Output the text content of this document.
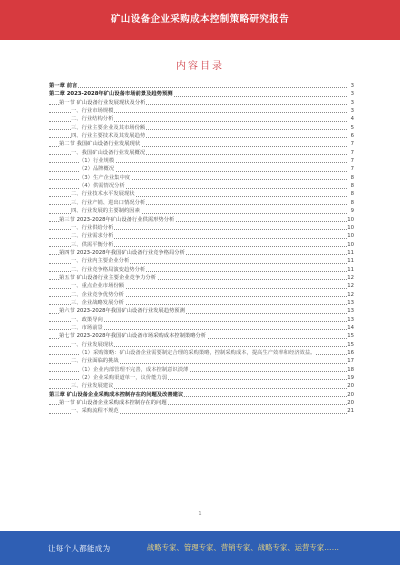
矿山设备企业采购成本控制策略研究报告
内容目录
第一章 前言	3
第二章 2023-2028年矿山设备市场前景及趋势预测	3
第一节 矿山设备行业发展现状及分析	3
一、行业市场规模	3
二、行业结构分析	4
三、行业主要企业及其市场份额	5
四、行业主要技术及其发展趋势	6
第二节 我国矿山设备行业发展现状	7
一、我国矿山设备行业发展概况	7
（1）行业规模	7
（2）品牌概况	7
（3）生产企业集中度	8
（4）供需情况分析	8
二、行业技术水平发展现状	8
三、行业产销、进出口情况分析	8
四、行业发展的主要制约因素	9
第三节 2023-2028年矿山设备行业供需形势分析	10
一、行业供给分析	10
二、行业需求分析	10
三、供需平衡分析	10
第四节 2023-2028年我国矿山设备行业竞争格局分析	11
一、行业内主要企业分析	11
二、行业竞争格局演变趋势分析	11
第五节 矿山设备行业主要企业竞争力分析	12
一、重点企业市场份额	12
二、企业竞争优势分析	12
三、企业战略发展分析	13
第六节 2023-2028年我国矿山设备行业发展趋势预测	13
一、政策导向	13
二、市场前景	14
第七节 2023-2028年我国矿山设备市场采购成本控制策略分析	15
一、行业发展现状	15
（1）采购策略：矿山设备企业需要制定合理的采购策略，控制采购成本，提高生产效率和经济效益。	16
二、行业面临的挑战	17
（1）企业内部管理不完善，成本控制意识淡薄	18
（2）企业采购渠道单一，议价能力弱	19
三、行业发展建议	20
第三章 矿山设备企业采购成本控制存在的问题及改善建议	20
第一节 矿山设备企业采购成本控制存在的问题	20
一、采购流程不规范	21
1
让每个人都能成为	战略专家、管理专家、营销专家、战略专家、运营专家……
